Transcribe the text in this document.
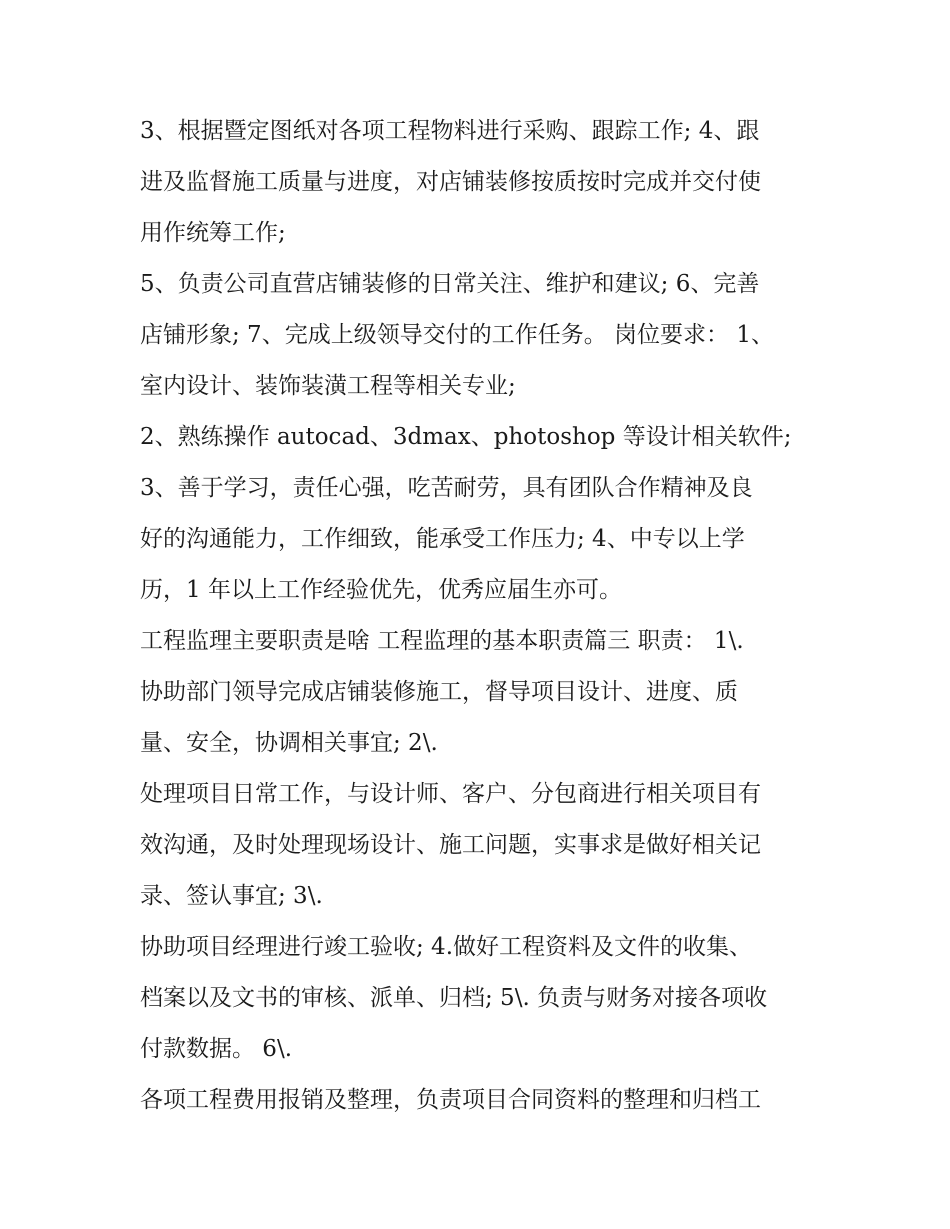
3、根据暨定图纸对各项工程物料进行采购、跟踪工作; 4、跟
进及监督施工质量与进度，对店铺装修按质按时完成并交付使
用作统筹工作;
5、负责公司直营店铺装修的日常关注、维护和建议; 6、完善
店铺形象; 7、完成上级领导交付的工作任务。 岗位要求： 1、
室内设计、装饰装潢工程等相关专业;
2、熟练操作 autocad、3dmax、photoshop 等设计相关软件;
3、善于学习，责任心强，吃苦耐劳，具有团队合作精神及良
好的沟通能力，工作细致，能承受工作压力; 4、中专以上学
历，1 年以上工作经验优先，优秀应届生亦可。
工程监理主要职责是啥 工程监理的基本职责篇三 职责： 1\.
协助部门领导完成店铺装修施工，督导项目设计、进度、质
量、安全，协调相关事宜; 2\.
处理项目日常工作，与设计师、客户、分包商进行相关项目有
效沟通，及时处理现场设计、施工问题，实事求是做好相关记
录、签认事宜; 3\.
协助项目经理进行竣工验收; 4.做好工程资料及文件的收集、
档案以及文书的审核、派单、归档; 5\. 负责与财务对接各项收
付款数据。 6\.
各项工程费用报销及整理，负责项目合同资料的整理和归档工
